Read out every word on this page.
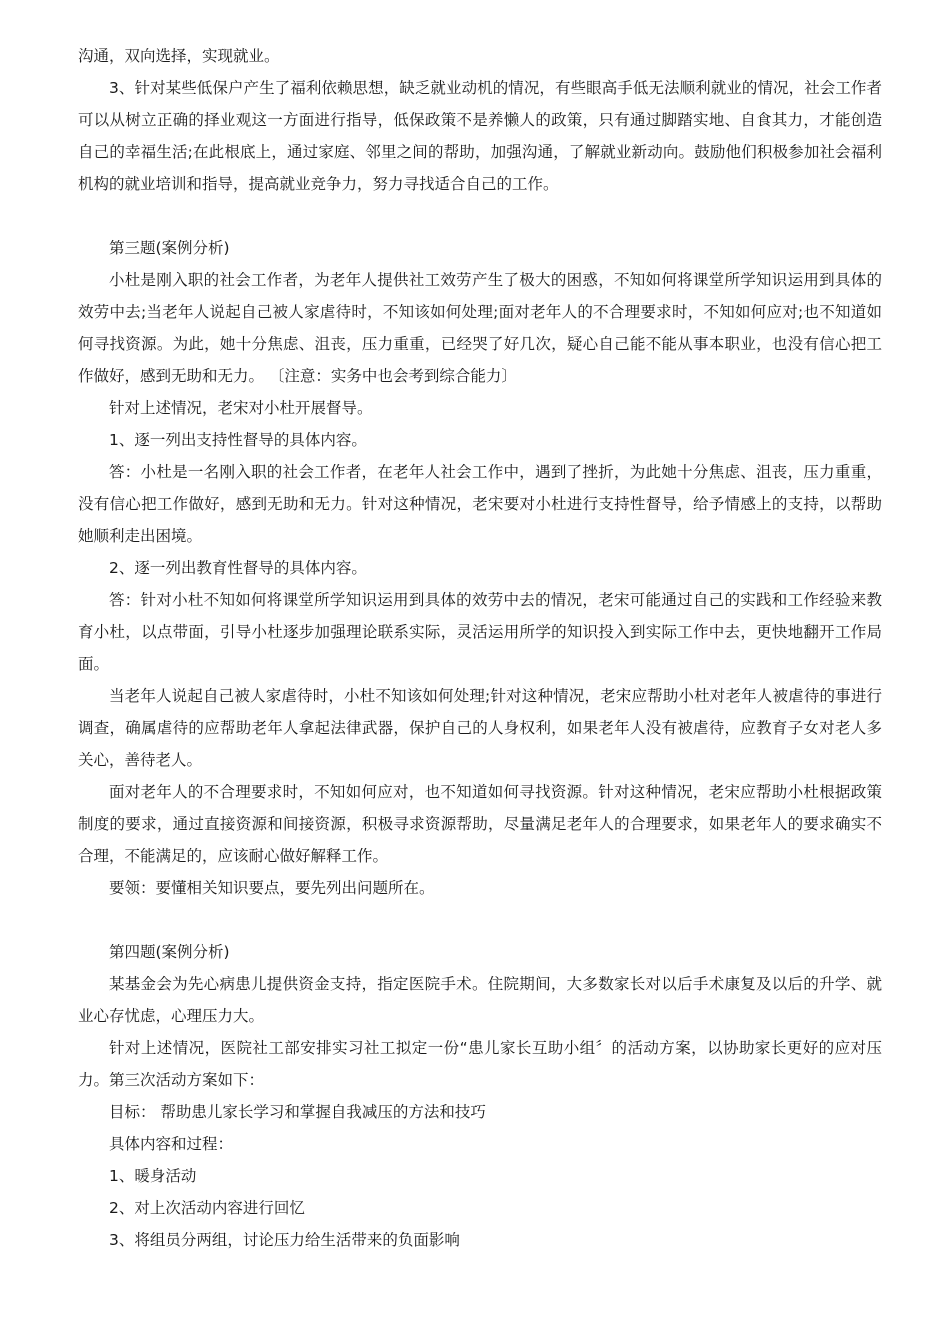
沟通，双向选择，实现就业。

3、针对某些低保户产生了福利依赖思想，缺乏就业动机的情况，有些眼高手低无法顺利就业的情况，社会工作者可以从树立正确的择业观这一方面进行指导，低保政策不是养懒人的政策，只有通过脚踏实地、自食其力，才能创造自己的幸福生活;在此根底上，通过家庭、邻里之间的帮助，加强沟通，了解就业新动向。鼓励他们积极参加社会福利机构的就业培训和指导，提高就业竞争力，努力寻找适合自己的工作。

第三题(案例分析)

小杜是刚入职的社会工作者，为老年人提供社工效劳产生了极大的困惑，不知如何将课堂所学知识运用到具体的效劳中去;当老年人说起自己被人家虐待时，不知该如何处理;面对老年人的不合理要求时，不知如何应对;也不知道如何寻找资源。为此，她十分焦虑、沮丧，压力重重，已经哭了好几次，疑心自己能不能从事本职业，也没有信心把工作做好，感到无助和无力。 〔注意：实务中也会考到综合能力〕

针对上述情况，老宋对小杜开展督导。

1、逐一列出支持性督导的具体内容。

答：小杜是一名刚入职的社会工作者，在老年人社会工作中，遇到了挫折，为此她十分焦虑、沮丧，压力重重，没有信心把工作做好，感到无助和无力。针对这种情况，老宋要对小杜进行支持性督导，给予情感上的支持，以帮助她顺利走出困境。

2、逐一列出教育性督导的具体内容。

答：针对小杜不知如何将课堂所学知识运用到具体的效劳中去的情况，老宋可能通过自己的实践和工作经验来教育小杜，以点带面，引导小杜逐步加强理论联系实际，灵活运用所学的知识投入到实际工作中去，更快地翻开工作局面。

当老年人说起自己被人家虐待时，小杜不知该如何处理;针对这种情况，老宋应帮助小杜对老年人被虐待的事进行调查，确属虐待的应帮助老年人拿起法律武器，保护自己的人身权利，如果老年人没有被虐待，应教育子女对老人多关心，善待老人。

面对老年人的不合理要求时，不知如何应对，也不知道如何寻找资源。针对这种情况，老宋应帮助小杜根据政策制度的要求，通过直接资源和间接资源，积极寻求资源帮助，尽量满足老年人的合理要求，如果老年人的要求确实不合理，不能满足的，应该耐心做好解释工作。

要领：要懂相关知识要点，要先列出问题所在。

第四题(案例分析)

某基金会为先心病患儿提供资金支持，指定医院手术。住院期间，大多数家长对以后手术康复及以后的升学、就业心存忧虑，心理压力大。

针对上述情况，医院社工部安排实习社工拟定一份“患儿家长互助小组〞的活动方案，以协助家长更好的应对压力。第三次活动方案如下：

目标： 帮助患儿家长学习和掌握自我减压的方法和技巧

具体内容和过程：

1、暖身活动

2、对上次活动内容进行回忆

3、将组员分两组，讨论压力给生活带来的负面影响
